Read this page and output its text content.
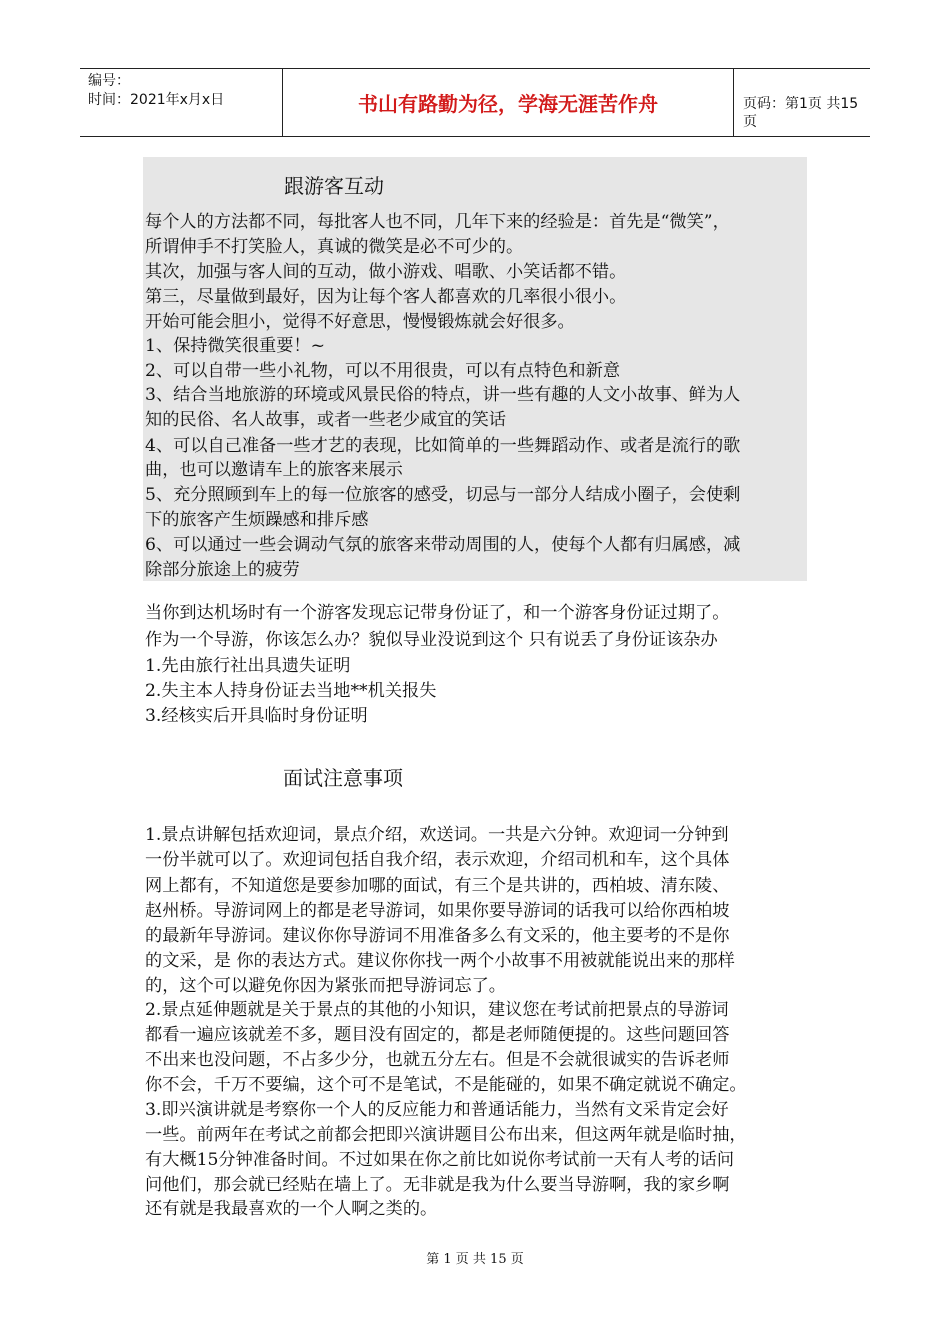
编号：
时间：2021年x月x日	书山有路勤为径，学海无涯苦作舟	页码：第1页 共15页
跟游客互动
每个人的方法都不同，每批客人也不同，几年下来的经验是：首先是“微笑”，
所谓伸手不打笑脸人，真诚的微笑是必不可少的。
其次，加强与客人间的互动，做小游戏、唱歌、小笑话都不错。
第三，尽量做到最好，因为让每个客人都喜欢的几率很小很小。
开始可能会胆小，觉得不好意思，慢慢锻炼就会好很多。
1、保持微笑很重要！~
2、可以自带一些小礼物，可以不用很贵，可以有点特色和新意
3、结合当地旅游的环境或风景民俗的特点，讲一些有趣的人文小故事、鲜为人
知的民俗、名人故事，或者一些老少咸宜的笑话
4、可以自己准备一些才艺的表现，比如简单的一些舞蹈动作、或者是流行的歌
曲，也可以邀请车上的旅客来展示
5、充分照顾到车上的每一位旅客的感受，切忌与一部分人结成小圈子，会使剩
下的旅客产生烦躁感和排斥感
6、可以通过一些会调动气氛的旅客来带动周围的人，使每个人都有归属感，减
除部分旅途上的疲劳
当你到达机场时有一个游客发现忘记带身份证了，和一个游客身份证过期了。
作为一个导游，你该怎么办？貌似导业没说到这个 只有说丢了身份证该杂办
1.先由旅行社出具遗失证明
2.失主本人持身份证去当地**机关报失
3.经核实后开具临时身份证明
面试注意事项
1.景点讲解包括欢迎词，景点介绍，欢送词。一共是六分钟。欢迎词一分钟到
一份半就可以了。欢迎词包括自我介绍，表示欢迎，介绍司机和车，这个具体
网上都有，不知道您是要参加哪的面试，有三个是共讲的，西柏坡、清东陵、
赵州桥。导游词网上的都是老导游词，如果你要导游词的话我可以给你西柏坡
的最新年导游词。建议你你导游词不用准备多么有文采的，他主要考的不是你
的文采，是 你的表达方式。建议你你找一两个小故事不用被就能说出来的那样
的，这个可以避免你因为紧张而把导游词忘了。
2.景点延伸题就是关于景点的其他的小知识，建议您在考试前把景点的导游词
都看一遍应该就差不多，题目没有固定的，都是老师随便提的。这些问题回答
不出来也没问题，不占多少分，也就五分左右。但是不会就很诚实的告诉老师
你不会，千万不要编，这个可不是笔试，不是能碰的，如果不确定就说不确定。
3.即兴演讲就是考察你一个人的反应能力和普通话能力，当然有文采肯定会好
一些。前两年在考试之前都会把即兴演讲题目公布出来，但这两年就是临时抽，
有大概15分钟准备时间。不过如果在你之前比如说你考试前一天有人考的话问
问他们，那会就已经贴在墙上了。无非就是我为什么要当导游啊，我的家乡啊
还有就是我最喜欢的一个人啊之类的。
第 1 页 共 15 页
